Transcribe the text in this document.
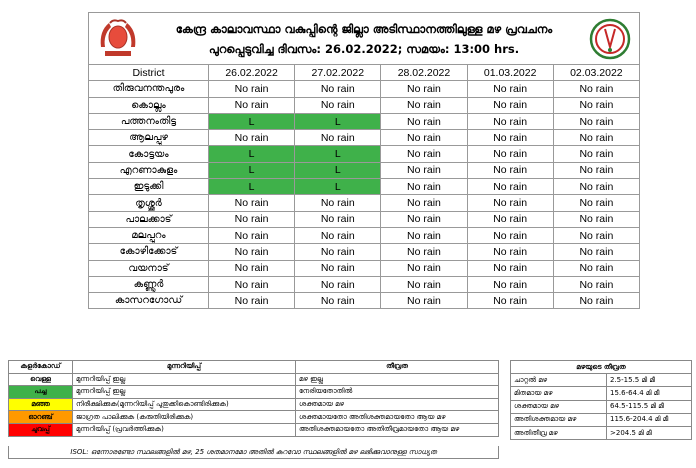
കേന്ദ്ര കാലാവസ്ഥാ വകുപ്പിന്റെ ജില്ലാ അടിസ്ഥാനത്തിലുള്ള മഴ പ്രവചനം
പുറപ്പെടുവിച്ച ദിവസം: 26.02.2022; സമയം: 13:00 hrs.
District	26.02.2022	27.02.2022	28.02.2022	01.03.2022	02.03.2022
തിരുവനന്തപുരം	No rain	No rain	No rain	No rain	No rain
കൊല്ലം	No rain	No rain	No rain	No rain	No rain
പത്തനംതിട്ട	L	L	No rain	No rain	No rain
ആലപ്പുഴ	No rain	No rain	No rain	No rain	No rain
കോട്ടയം	L	L	No rain	No rain	No rain
എറണാകുളം	L	L	No rain	No rain	No rain
ഇടുക്കി	L	L	No rain	No rain	No rain
തൃശ്ശൂർ	No rain	No rain	No rain	No rain	No rain
പാലക്കാട്	No rain	No rain	No rain	No rain	No rain
മലപ്പുറം	No rain	No rain	No rain	No rain	No rain
കോഴിക്കോട്	No rain	No rain	No rain	No rain	No rain
വയനാട്	No rain	No rain	No rain	No rain	No rain
കണ്ണൂർ	No rain	No rain	No rain	No rain	No rain
കാസറഗോഡ്	No rain	No rain	No rain	No rain	No rain
കളർകോഡ്	മുന്നറിയിപ്പ്	തീവ്രത
വെള്ള	മുന്നറിയിപ്പ് ഇല്ല	മഴ ഇല്ല
പച്ച	മുന്നറിയിപ്പ് ഇല്ല	നേരിയതോതിൽ
മഞ്ഞ	നിരീക്ഷിക്കുക(മുന്നറിയിപ്പ് പുതുക്കികൊണ്ടിരിക്കുക)	ശക്തമായ മഴ
ഓറഞ്ച്	ജാഗ്രത പാലിക്കുക (കരുതിയിരിക്കുക)	ശക്തമായതോ അതിശക്തമായതോ ആയ മഴ
ചുവപ്പ്	മുന്നറിയിപ്പ് (പ്രവർത്തിക്കുക)	അതിശക്തമായതോ അതിതീവ്രമായതോ ആയ മഴ
ISOL: ഒന്നോരണ്ടോ സ്ഥലങ്ങളിൽ മഴ, 25 ശതമാനമോ അതിൽ കുറവോ സ്ഥലങ്ങളിൽ മഴ ലഭിക്കുവാനുള്ള സാധ്യത
മഴയുടെ തീവ്രത	
ചാറ്റൽ മഴ	2.5-15.5 മി മീ
മിതമായ മഴ	15.6-64.4 മി മീ
ശക്തമായ മഴ	64.5-115.5 മി മീ
അതിശക്തമായ മഴ	115.6-204.4 മി മീ
അതിതീവ്ര മഴ	>204.5 മി മീ
